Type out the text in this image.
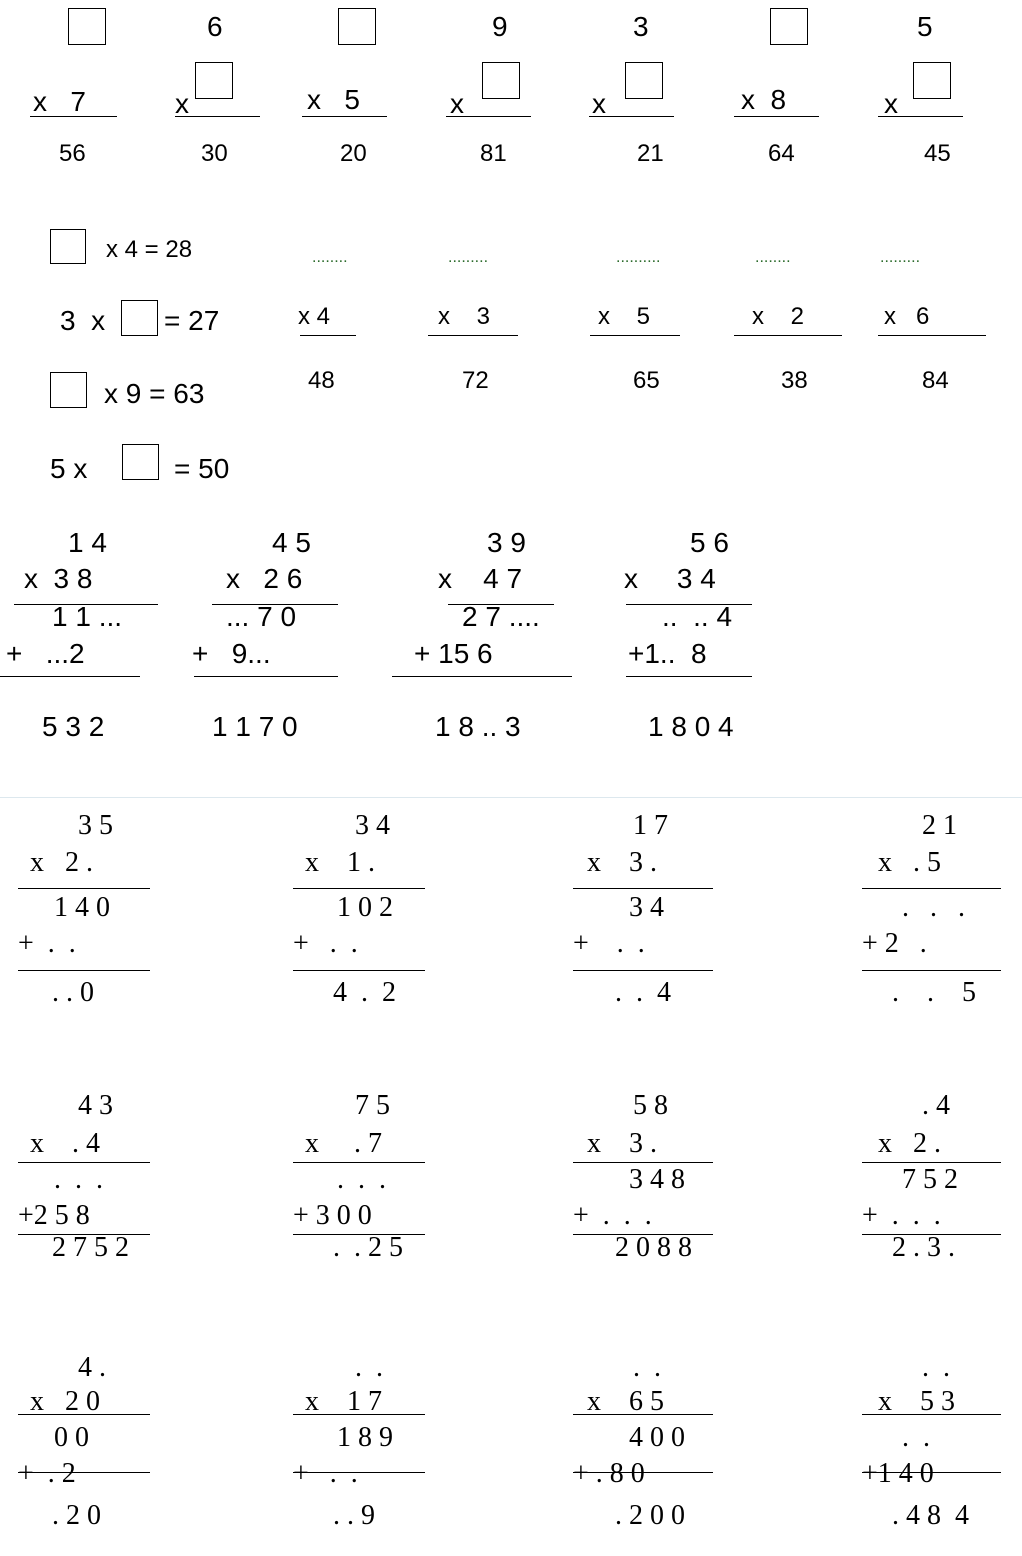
x   7
56
6
x
30
x   5
20
9
x
81
3
x
21
x  8
64
5
x
45
x 4 = 28
3  x = 27
x 9 = 63
5 x	= 50
........
x 4
48
.........
x    3
72
..........
x    5
65
........
x    2
38
.........
x   6
84
1 4
x  3 8
1 1 ...
+   ...2
5 3 2
4 5
x   2 6
... 7 0
+   9...
1 1 7 0
3 9
x    4 7
2 7 ....
+ 15 6
1 8 .. 3
5 6
x     3 4
..  .. 4
+1..  8
1 8 0 4
3 5
x   2 .
1 4 0
+  .  .
. . 0
3 4
x    1 .
1 0 2
+   .  .
4  .  2
1 7
x    3 .
3 4
+    .  .
.  .  4
2 1
x   . 5
.   .   .
+ 2   .
.    .    5
4 3
x    . 4
.  .  .
+2 5 8
2 7 5 2
7 5
x     . 7
.  .  .
+ 3 0 0
.  . 2 5
5 8
x    3 .
3 4 8
+  .  .  .
2 0 8 8
. 4
x   2 .
7 5 2
+  .  .  .
2 . 3 .
4 .
x   2 0
0 0
+  . 2
. 2 0
.  .
x    1 7
1 8 9
+   .  .
. . 9
.  .
x    6 5
4 0 0
+ . 8 0
. 2 0 0
.  .
x    5 3
.  .
+1 4 0
. 4 8  4
